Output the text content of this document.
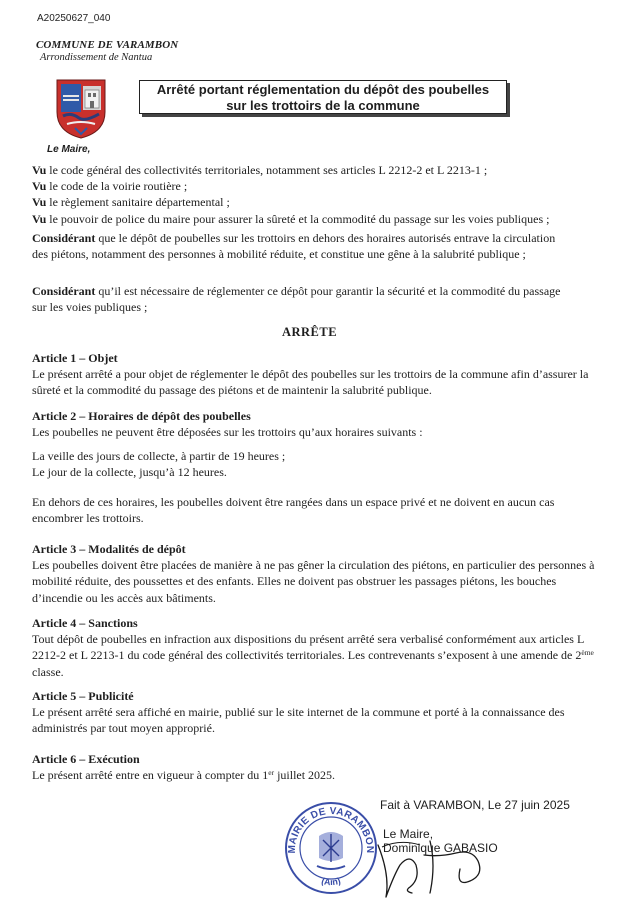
A20250627_040
COMMUNE DE VARAMBON
Arrondissement de Nantua
Arrêté portant réglementation du dépôt des poubelles
sur les trottoirs de la commune
Le Maire,
Vu le code général des collectivités territoriales, notamment ses articles L 2212-2 et L 2213-1 ;
Vu le code de la voirie routière ;
Vu le règlement sanitaire départemental ;
Vu le pouvoir de police du maire pour assurer la sûreté et la commodité du passage sur les voies publiques ;
Considérant que le dépôt de poubelles sur les trottoirs en dehors des horaires autorisés entrave la circulation des piétons, notamment des personnes à mobilité réduite, et constitue une gêne à la salubrité publique ;
Considérant qu’il est nécessaire de réglementer ce dépôt pour garantir la sécurité et la commodité du passage sur les voies publiques ;
ARRÊTE
Article 1 – Objet

Le présent arrêté a pour objet de réglementer le dépôt des poubelles sur les trottoirs de la commune afin d’assurer la sûreté et la commodité du passage des piétons et de maintenir la salubrité publique.

Article 2 – Horaires de dépôt des poubelles

Les poubelles ne peuvent être déposées sur les trottoirs qu’aux horaires suivants :

La veille des jours de collecte, à partir de 19 heures ;
Le jour de la collecte, jusqu’à 12 heures.

En dehors de ces horaires, les poubelles doivent être rangées dans un espace privé et ne doivent en aucun cas encombrer les trottoirs.

Article 3 – Modalités de dépôt

Les poubelles doivent être placées de manière à ne pas gêner la circulation des piétons, en particulier des personnes à mobilité réduite, des poussettes et des enfants. Elles ne doivent pas obstruer les passages piétons, les bouches d’incendie ou les accès aux bâtiments.

Article 4 – Sanctions

Tout dépôt de poubelles en infraction aux dispositions du présent arrêté sera verbalisé conformément aux articles L 2212-2 et L 2213-1 du code général des collectivités territoriales. Les contrevenants s’exposent à une amende de 2ème classe.

Article 5 – Publicité

Le présent arrêté sera affiché en mairie, publié sur le site internet de la commune et porté à la connaissance des administrés par tout moyen approprié.

Article 6 – Exécution

Le présent arrêté entre en vigueur à compter du 1er juillet 2025.

MAIRIE DE VARAMBON
(Ain)
Fait à VARAMBON, Le 27 juin 2025
Le Maire,
Dominique GABASIO
